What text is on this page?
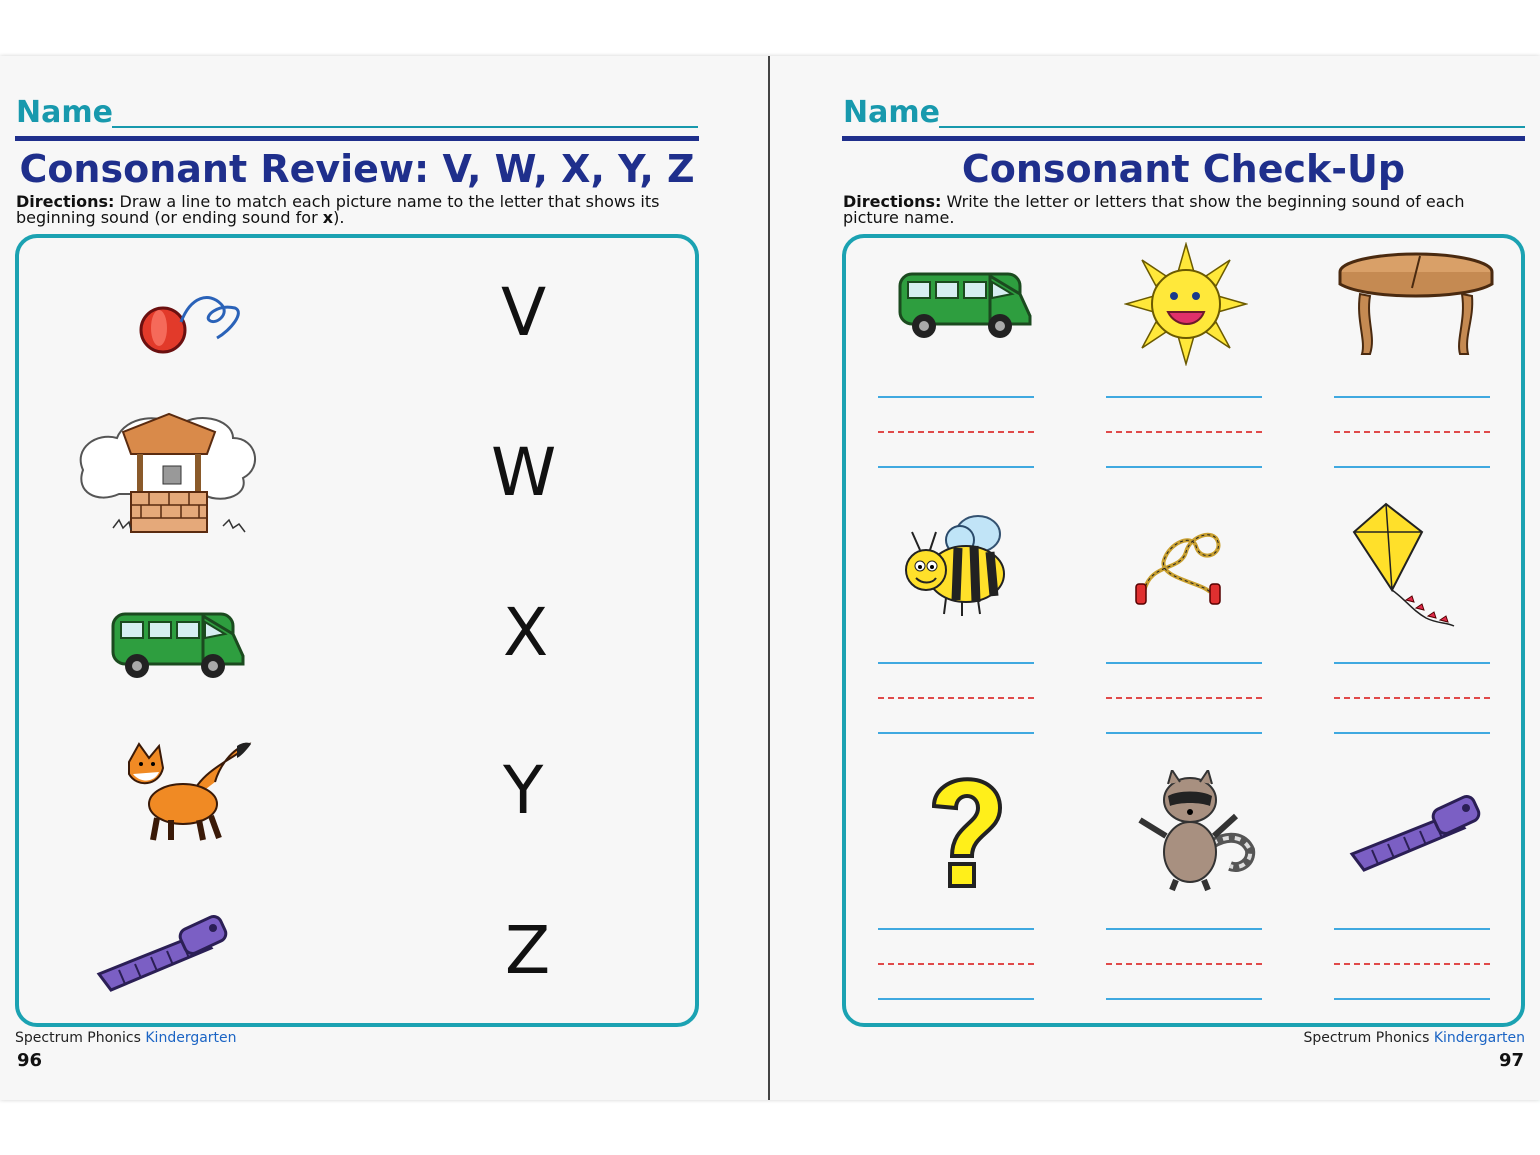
Name
Consonant Review: V, W, X, Y, Z
Directions: Draw a line to match each picture name to the letter that shows its beginning sound (or ending sound for x).
V
W
X
Y
Z
Spectrum Phonics Kindergarten
96
Name
Consonant Check-Up
Directions: Write the letter or letters that show the beginning sound of each picture name.
Spectrum Phonics Kindergarten
97
